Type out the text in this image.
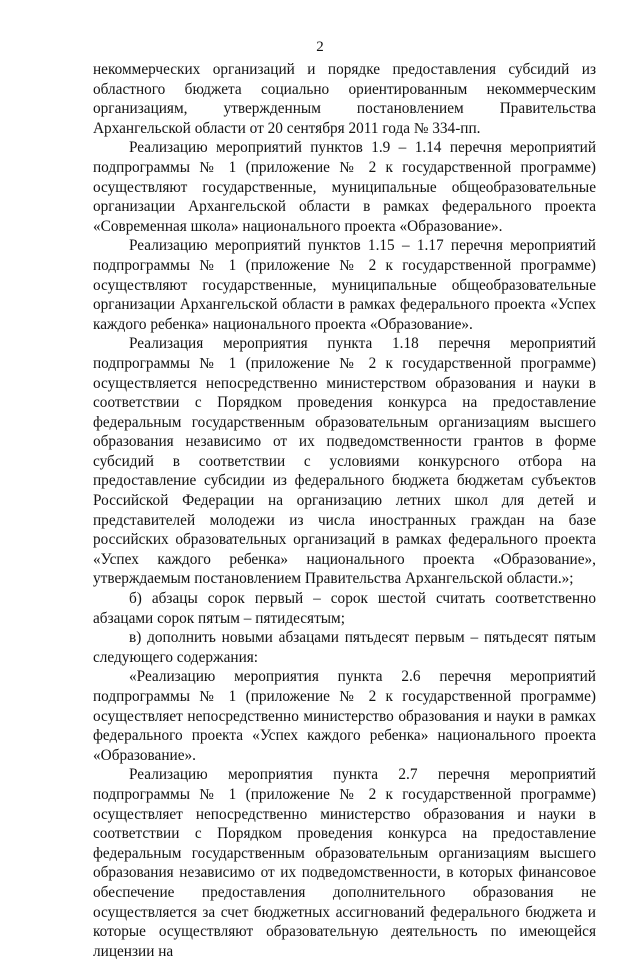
2

некоммерческих организаций и порядке предоставления субсидий из областного бюджета социально ориентированным некоммерческим организациям, утвержденным постановлением Правительства Архангельской области от 20 сентября 2011 года № 334-пп.

Реализацию мероприятий пунктов 1.9 – 1.14 перечня мероприятий подпрограммы № 1 (приложение № 2 к государственной программе) осуществляют государственные, муниципальные общеобразовательные организации Архангельской области в рамках федерального проекта «Современная школа» национального проекта «Образование».

Реализацию мероприятий пунктов 1.15 – 1.17 перечня мероприятий подпрограммы № 1 (приложение № 2 к государственной программе) осуществляют государственные, муниципальные общеобразовательные организации Архангельской области в рамках федерального проекта «Успех каждого ребенка» национального проекта «Образование».

Реализация мероприятия пункта 1.18 перечня мероприятий подпрограммы № 1 (приложение № 2 к государственной программе) осуществляется непосредственно министерством образования и науки в соответствии с Порядком проведения конкурса на предоставление федеральным государственным образовательным организациям высшего образования независимо от их подведомственности грантов в форме субсидий в соответствии с условиями конкурсного отбора на предоставление субсидии из федерального бюджета бюджетам субъектов Российской Федерации на организацию летних школ для детей и представителей молодежи из числа иностранных граждан на базе российских образовательных организаций в рамках федерального проекта «Успех каждого ребенка» национального проекта «Образование», утверждаемым постановлением Правительства Архангельской области.»;

б) абзацы сорок первый – сорок шестой считать соответственно абзацами сорок пятым – пятидесятым;

в) дополнить новыми абзацами пятьдесят первым – пятьдесят пятым следующего содержания:

«Реализацию мероприятия пункта 2.6 перечня мероприятий подпрограммы № 1 (приложение № 2 к государственной программе) осуществляет непосредственно министерство образования и науки в рамках федерального проекта «Успех каждого ребенка» национального проекта «Образование».

Реализацию мероприятия пункта 2.7 перечня мероприятий подпрограммы № 1 (приложение № 2 к государственной программе) осуществляет непосредственно министерство образования и науки в соответствии с Порядком проведения конкурса на предоставление федеральным государственным образовательным организациям высшего образования независимо от их подведомственности, в которых финансовое обеспечение предоставления дополнительного образования не осуществляется за счет бюджетных ассигнований федерального бюджета и которые осуществляют образовательную деятельность по имеющейся лицензии на
